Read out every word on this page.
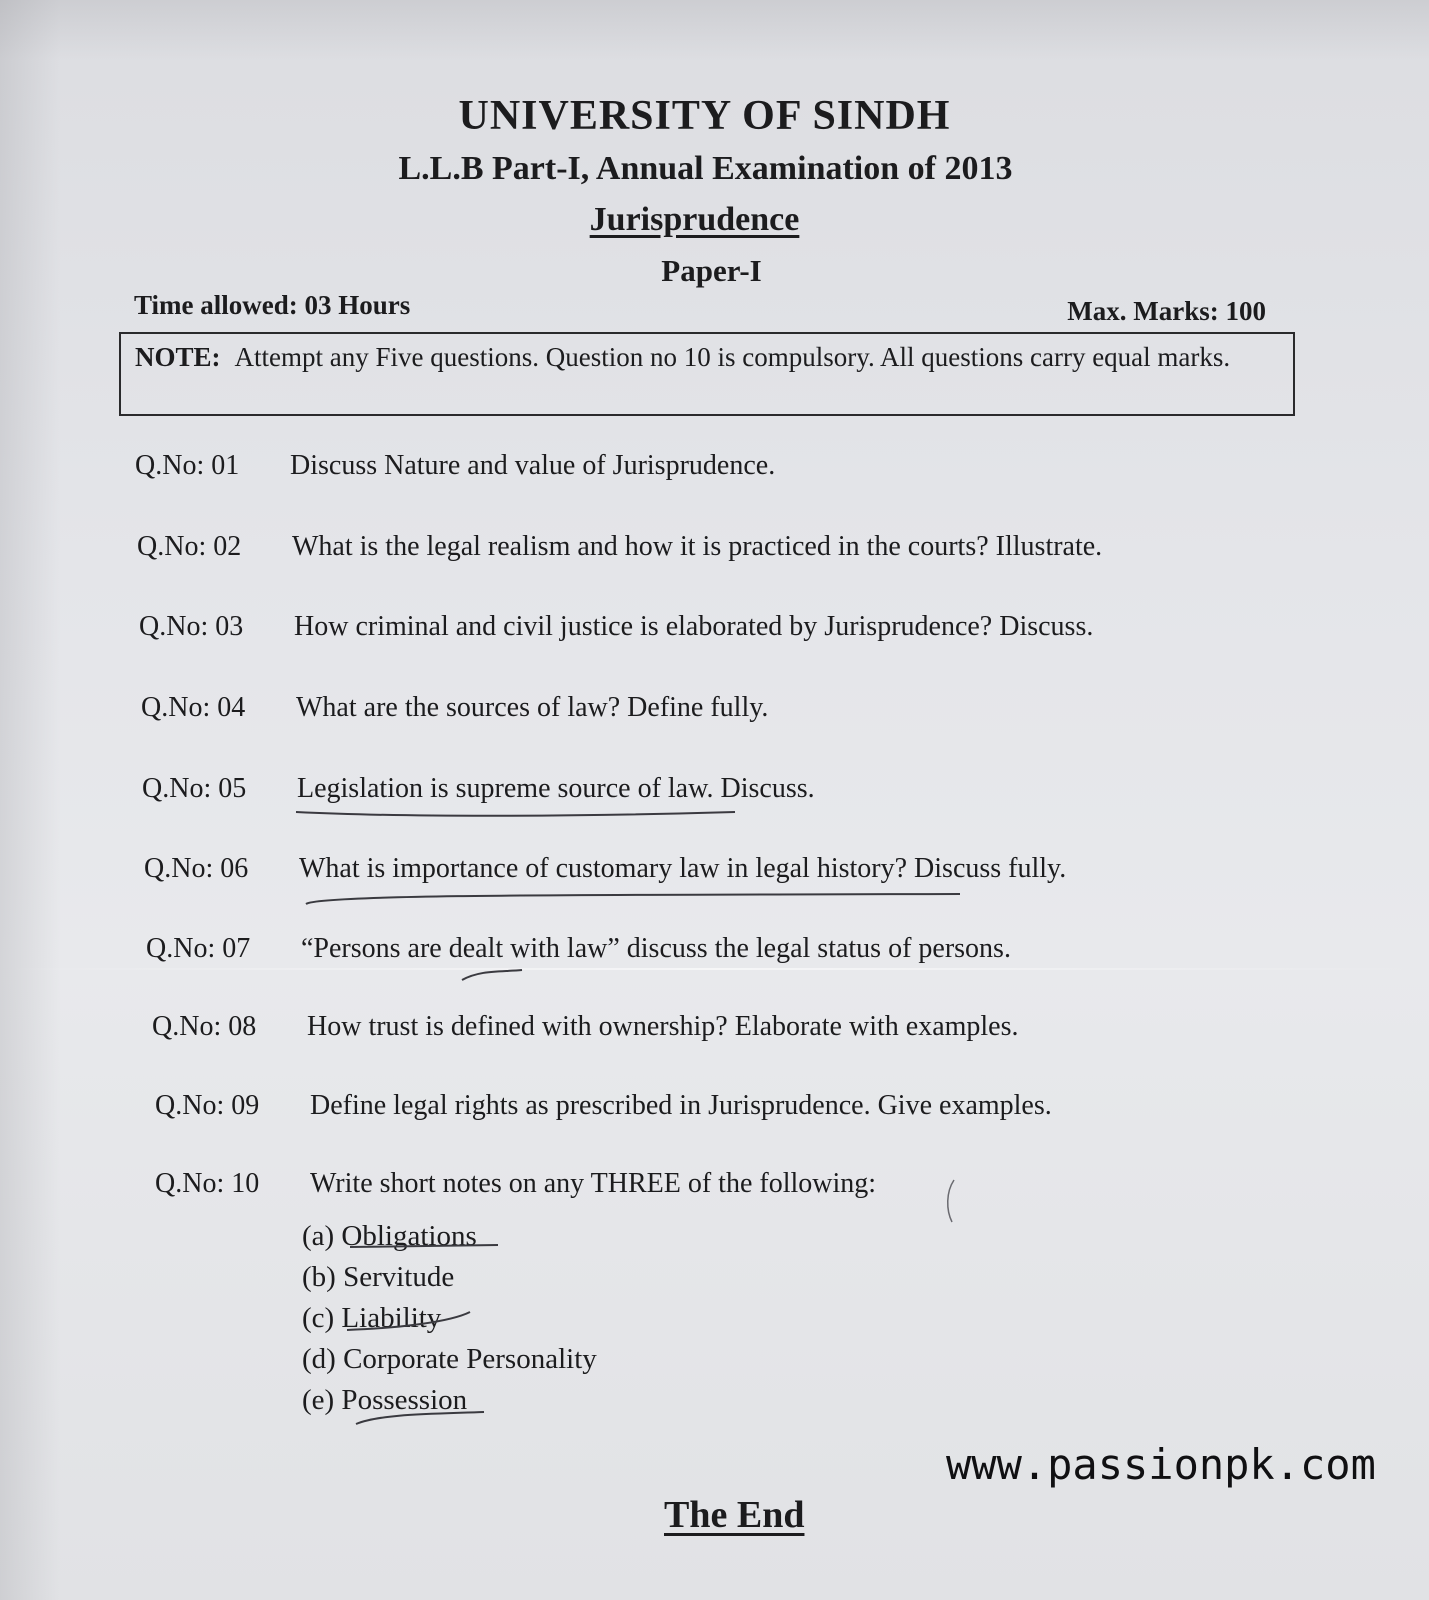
UNIVERSITY OF SINDH
L.L.B Part-I, Annual Examination of 2013
Jurisprudence
Paper-I
Time allowed: 03 Hours	Max. Marks: 100
NOTE: Attempt any Five questions. Question no 10 is compulsory. All questions carry equal marks.
Q.No: 01 Discuss Nature and value of Jurisprudence.
Q.No: 02 What is the legal realism and how it is practiced in the courts? Illustrate.
Q.No: 03 How criminal and civil justice is elaborated by Jurisprudence? Discuss.
Q.No: 04 What are the sources of law? Define fully.
Q.No: 05 Legislation is supreme source of law. Discuss.
Q.No: 06 What is importance of customary law in legal history? Discuss fully.
Q.No: 07 “Persons are dealt with law” discuss the legal status of persons.
Q.No: 08 How trust is defined with ownership? Elaborate with examples.
Q.No: 09 Define legal rights as prescribed in Jurisprudence. Give examples.
Q.No: 10 Write short notes on any THREE of the following:
(a) Obligations
(b) Servitude
(c) Liability
(d) Corporate Personality
(e) Possession
www.passionpk.com
The End
